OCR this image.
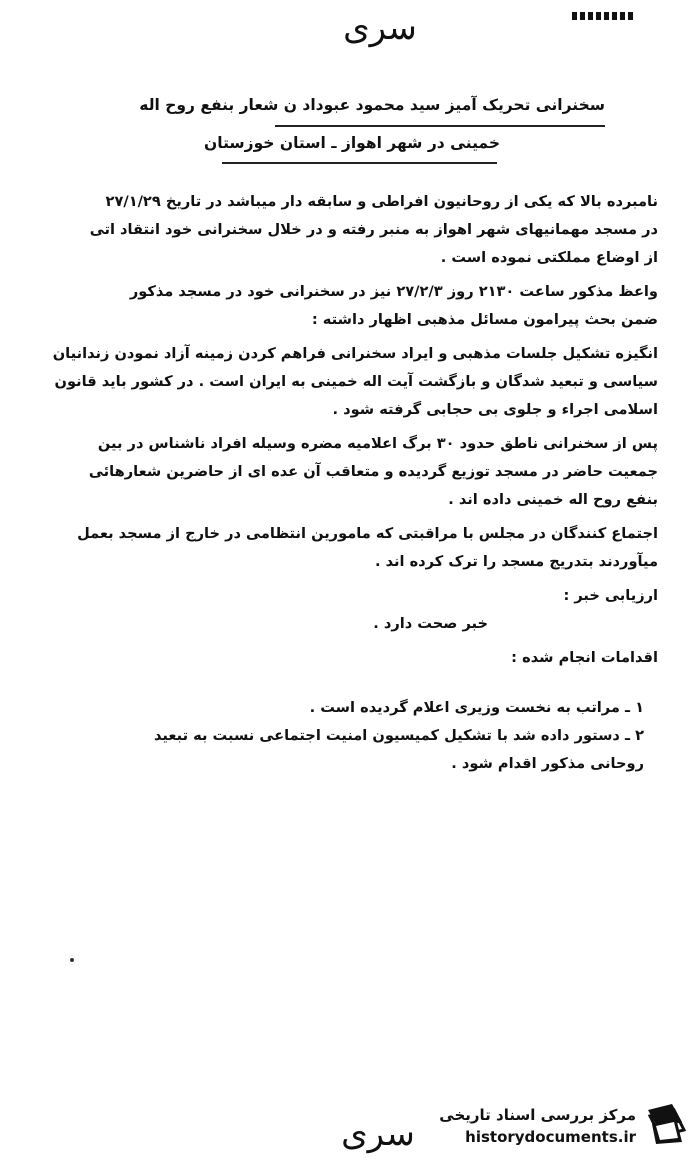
سری
سخنرانی تحریک آمیز سید محمود عبوداد ن شعار بنفع روح اله
خمینی در شهر اهواز ـ استان خوزستان
نامبرده بالا که یکی از روحانیون افراطی و سابقه دار میباشد در تاریخ ۲۷/۱/۲۹
در مسجد مهمانیهای شهر اهواز به منبر رفته و در خلال سخنرانی خود انتقاد اتی
از اوضاع مملکتی نموده است .
واعظ مذکور ساعت ۲۱۳۰ روز ۲۷/۲/۳ نیز در سخنرانی خود در مسجد مذکور
ضمن بحث پیرامون مسائل مذهبی اظهار داشته :
انگیزه تشکیل جلسات مذهبی و ایراد سخنرانی فراهم کردن زمینه آزاد نمودن زندانیان
سیاسی و تبعید شدگان و بازگشت آیت اله خمینی به ایران است . در کشور باید قانون
اسلامی اجراء و جلوی بی حجابی گرفته شود .
پس از سخنرانی ناطق حدود ۳۰ برگ اعلامیه مضره وسیله افراد ناشناس در بین
جمعیت حاضر در مسجد توزیع گردیده و متعاقب آن عده ای از حاضرین شعارهائی
بنفع روح اله خمینی داده اند .
اجتماع کنندگان در مجلس با مراقبتی که مامورین انتظامی در خارج از مسجد بعمل
میآوردند بتدریج مسجد را ترک کرده اند .
ارزیابی خبر :
خبر صحت دارد .
اقدامات انجام شده :
۱ ـ مراتب به نخست وزیری اعلام گردیده است .
۲ ـ دستور داده شد با تشکیل کمیسیون امنیت اجتماعی نسبت به تبعید
روحانی مذکور اقدام شود .
سری	مرکز بررسی اسناد تاریخی
historydocuments.ir
